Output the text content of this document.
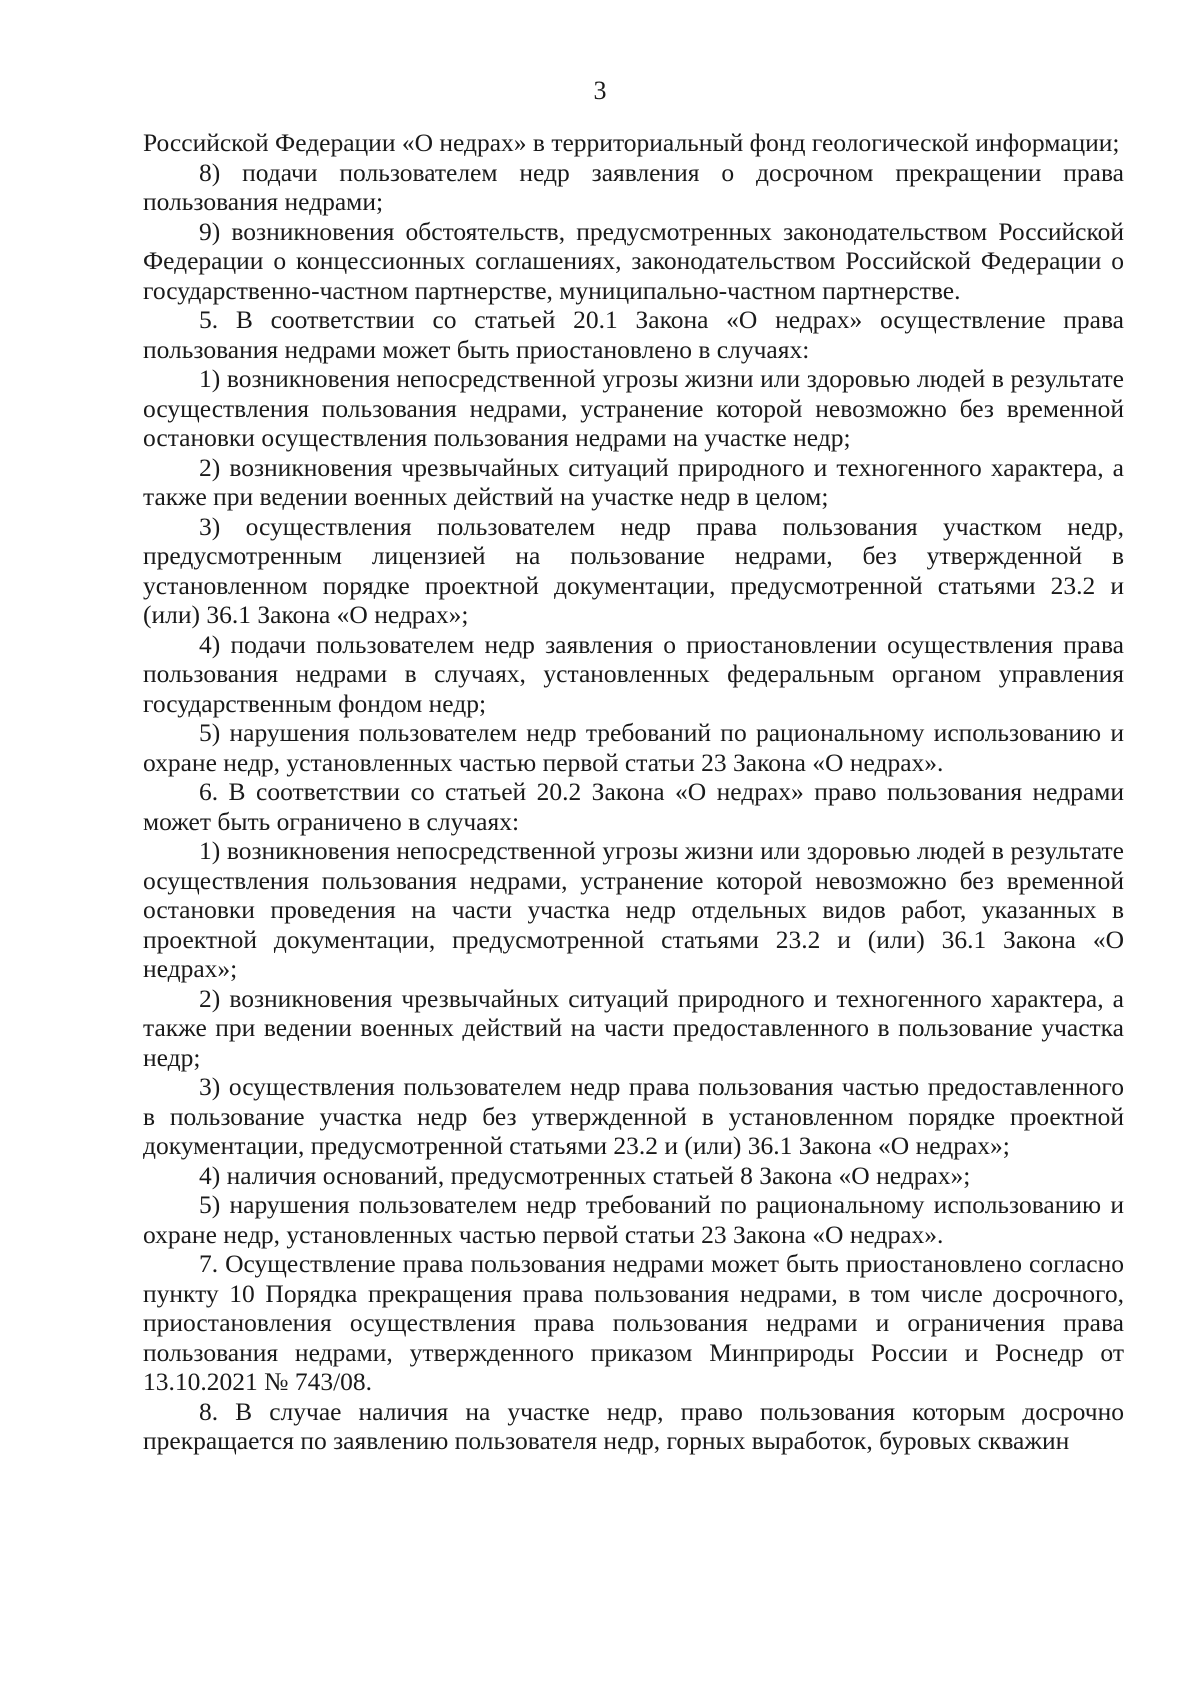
3

Российской Федерации «О недрах» в территориальный фонд геологической информации;

8) подачи пользователем недр заявления о досрочном прекращении права пользования недрами;

9) возникновения обстоятельств, предусмотренных законодательством Российской Федерации о концессионных соглашениях, законодательством Российской Федерации о государственно-частном партнерстве, муниципально-частном партнерстве.

5. В соответствии со статьей 20.1 Закона «О недрах» осуществление права пользования недрами может быть приостановлено в случаях:

1) возникновения непосредственной угрозы жизни или здоровью людей в результате осуществления пользования недрами, устранение которой невозможно без временной остановки осуществления пользования недрами на участке недр;

2) возникновения чрезвычайных ситуаций природного и техногенного характера, а также при ведении военных действий на участке недр в целом;

3) осуществления пользователем недр права пользования участком недр, предусмотренным лицензией на пользование недрами, без утвержденной в установленном порядке проектной документации, предусмотренной статьями 23.2 и (или) 36.1 Закона «О недрах»;

4) подачи пользователем недр заявления о приостановлении осуществления права пользования недрами в случаях, установленных федеральным органом управления государственным фондом недр;

5) нарушения пользователем недр требований по рациональному использованию и охране недр, установленных частью первой статьи 23 Закона «О недрах».

6. В соответствии со статьей 20.2 Закона «О недрах» право пользования недрами может быть ограничено в случаях:

1) возникновения непосредственной угрозы жизни или здоровью людей в результате осуществления пользования недрами, устранение которой невозможно без временной остановки проведения на части участка недр отдельных видов работ, указанных в проектной документации, предусмотренной статьями 23.2 и (или) 36.1 Закона «О недрах»;

2) возникновения чрезвычайных ситуаций природного и техногенного характера, а также при ведении военных действий на части предоставленного в пользование участка недр;

3) осуществления пользователем недр права пользования частью предоставленного в пользование участка недр без утвержденной в установленном порядке проектной документации, предусмотренной статьями 23.2 и (или) 36.1 Закона «О недрах»;

4) наличия оснований, предусмотренных статьей 8 Закона «О недрах»;

5) нарушения пользователем недр требований по рациональному использованию и охране недр, установленных частью первой статьи 23 Закона «О недрах».

7. Осуществление права пользования недрами может быть приостановлено согласно пункту 10 Порядка прекращения права пользования недрами, в том числе досрочного, приостановления осуществления права пользования недрами и ограничения права пользования недрами, утвержденного приказом Минприроды России и Роснедр от 13.10.2021 № 743/08.

8. В случае наличия на участке недр, право пользования которым досрочно прекращается по заявлению пользователя недр, горных выработок, буровых скважин
